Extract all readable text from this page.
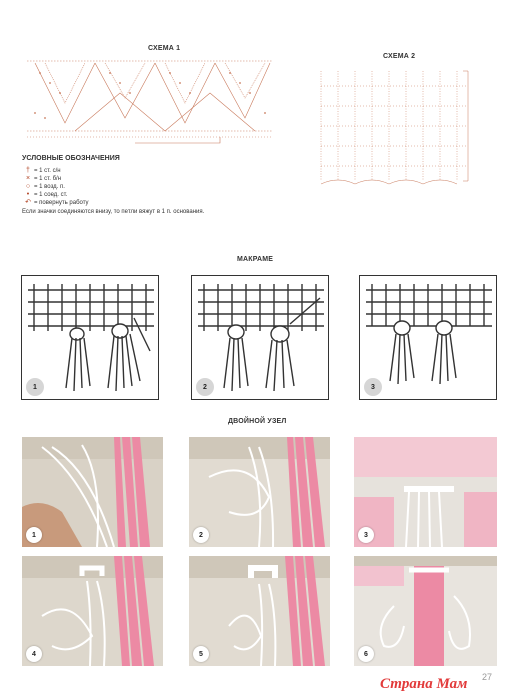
СХЕМА 1
СХЕМА 2
УСЛОВНЫЕ ОБОЗНАЧЕНИЯ
† = 1 ст. с/н
× = 1 ст. б/н
○ = 1 возд. п.
• = 1 соед. ст.
↶ = повернуть работу
Если значки соединяются внизу, то петли вяжут в 1 п. основания.
МАКРАМЕ
1	2	3
ДВОЙНОЙ УЗЕЛ
1	2	3
4	5	6
27
Страна Мам
